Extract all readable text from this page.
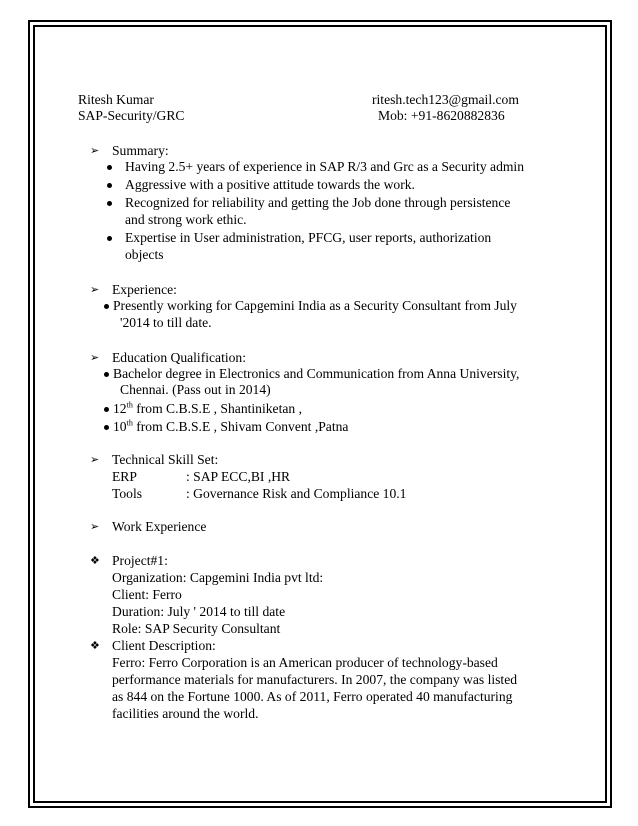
Ritesh Kumar	ritesh.tech123@gmail.com
SAP-Security/GRC	Mob: +91-8620882836
➢ Summary:
Having 2.5+ years of experience in SAP R/3 and Grc as a Security admin
Aggressive with a positive attitude towards the work.
Recognized for reliability and getting the Job done through persistence
and strong work ethic.
Expertise in User administration, PFCG, user reports, authorization
objects
➢ Experience:
Presently working for Capgemini India as a Security Consultant from July
'2014 to till date.
➢ Education Qualification:
Bachelor degree in Electronics and Communication from Anna University,
Chennai. (Pass out in 2014)
12th from C.B.S.E , Shantiniketan ,
10th from C.B.S.E , Shivam Convent ,Patna
➢ Technical Skill Set:
ERP	: SAP ECC,BI ,HR
Tools	: Governance Risk and Compliance 10.1
➢ Work Experience
❖ Project#1:
Organization: Capgemini India pvt ltd:
Client: Ferro
Duration: July ' 2014 to till date
Role: SAP Security Consultant
❖ Client Description:
Ferro: Ferro Corporation is an American producer of technology-based
performance materials for manufacturers. In 2007, the company was listed
as 844 on the Fortune 1000. As of 2011, Ferro operated 40 manufacturing
facilities around the world.
